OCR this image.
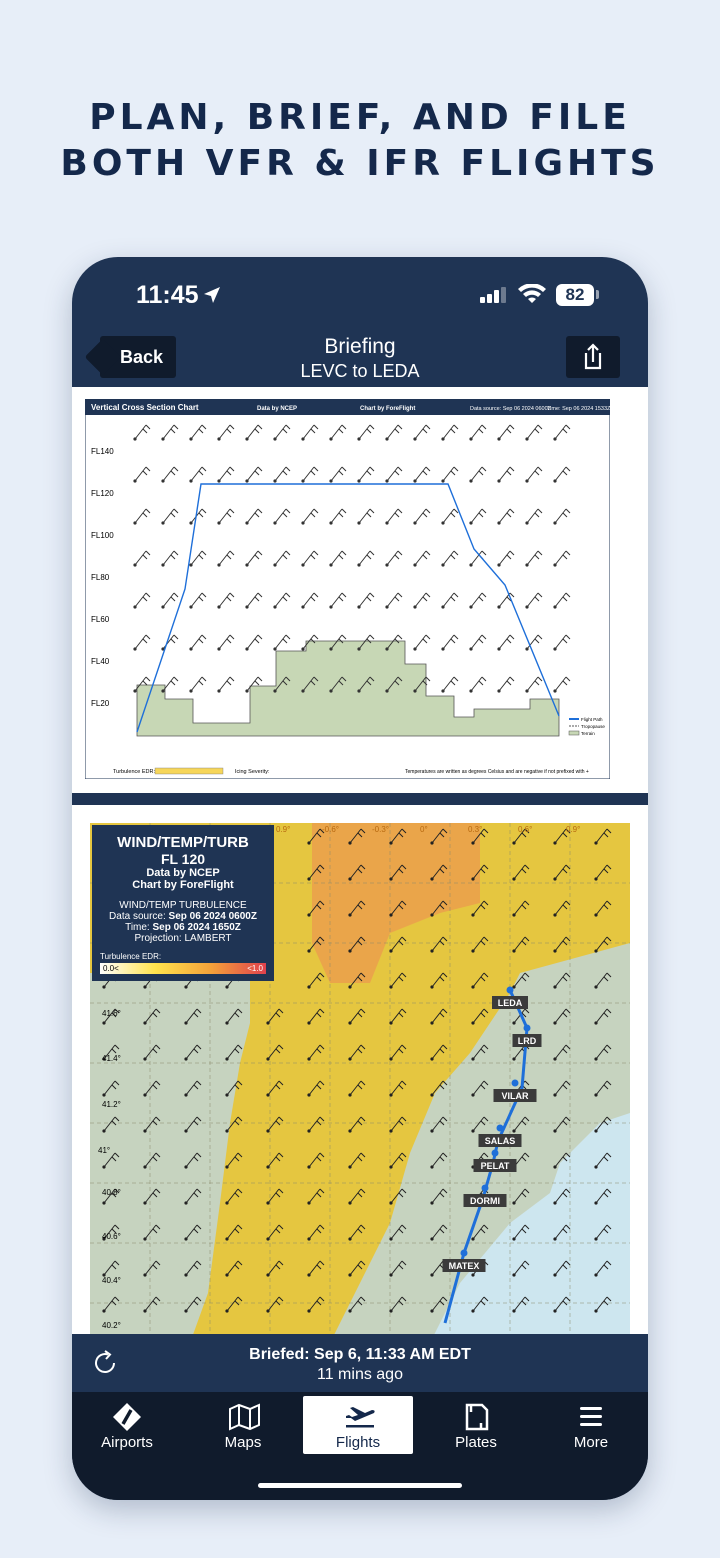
PLAN, BRIEF, AND FILE
BOTH VFR & IFR FLIGHTS
11:45	82
Back	Briefing
LEVC to LEDA
Vertical Cross Section Chart	Data by NCEP	Chart by ForeFlight	Data source: Sep 06 2024 0600Z
Time: Sep 06 2024 1533Z
FL140
FL120
FL100
FL80
FL60
FL40
FL20
Flight Path
Tropopause
Terrain
Turbulence EDR:	Icing Severity:	Temperatures are written as degrees Celsius and are negative if not prefixed with +
41.6°
41.4°
41.2°
41°
40.8°
40.6°
40.4°
40.2°
0.9°	-0.6°	-0.3°	0°	0.3°	0.6°	0.9°
LEDA
LRD
VILAR
SALAS
PELAT
DORMI
MATEX
WIND/TEMP/TURB
FL 120
Data by NCEP
Chart by ForeFlight
WIND/TEMP TURBULENCE
Data source: Sep 06 2024 0600Z
Time: Sep 06 2024 1650Z
Projection: LAMBERT
Turbulence EDR:
0.0<	<1.0
Briefed: Sep 6, 11:33 AM EDT
11 mins ago
Airports	Maps	Flights	Plates	More
